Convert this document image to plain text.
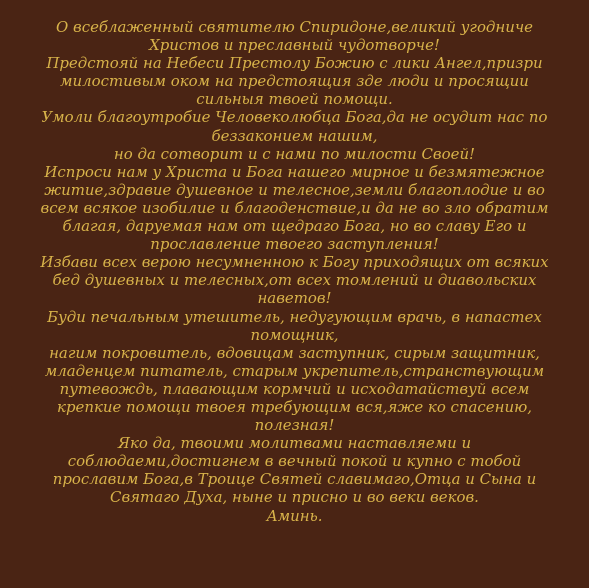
О всеблаженный святителю Спиридоне,великий угодниче
Христов и преславный чудотворче!
Предстояй на Небеси Престолу Божию с лики Ангел,призри
милостивым оком на предстоящия зде люди и просящии
сильныя твоей помощи.
Умоли благоутробие Человеколюбца Бога,да не осудит нас по
беззаконием нашим,
но да сотворит и с нами по милости Своей!
Испроси нам у Христа и Бога нашего мирное и безмятежное
житие,здравие душевное и телесное,земли благоплодие и во
всем всякое изобилие и благоденствие,и да не во зло обратим
благая, даруемая нам от щедраго Бога, но во славу Его и
прославление твоего заступления!
Избави всех верою несумненною к Богу приходящих от всяких
бед душевных и телесных,от всех томлений и диавольских
наветов!
Буди печальным утешитель, недугующим врачь, в напастех
помощник,
нагим покровитель, вдовицам заступник, сирым защитник,
младенцем питатель, старым укрепитель,странствующим
путевождь, плавающим кормчий и исходатайствуй всем
крепкие помощи твоея требующим вся,яже ко спасению,
полезная!
Яко да, твоими молитвами наставляеми и
соблюдаеми,достигнем в вечный покой и купно с тобой
прославим Бога,в Троице Святей славимаго,Отца и Сына и
Святаго Духа, ныне и присно и во веки веков.
Аминь.
